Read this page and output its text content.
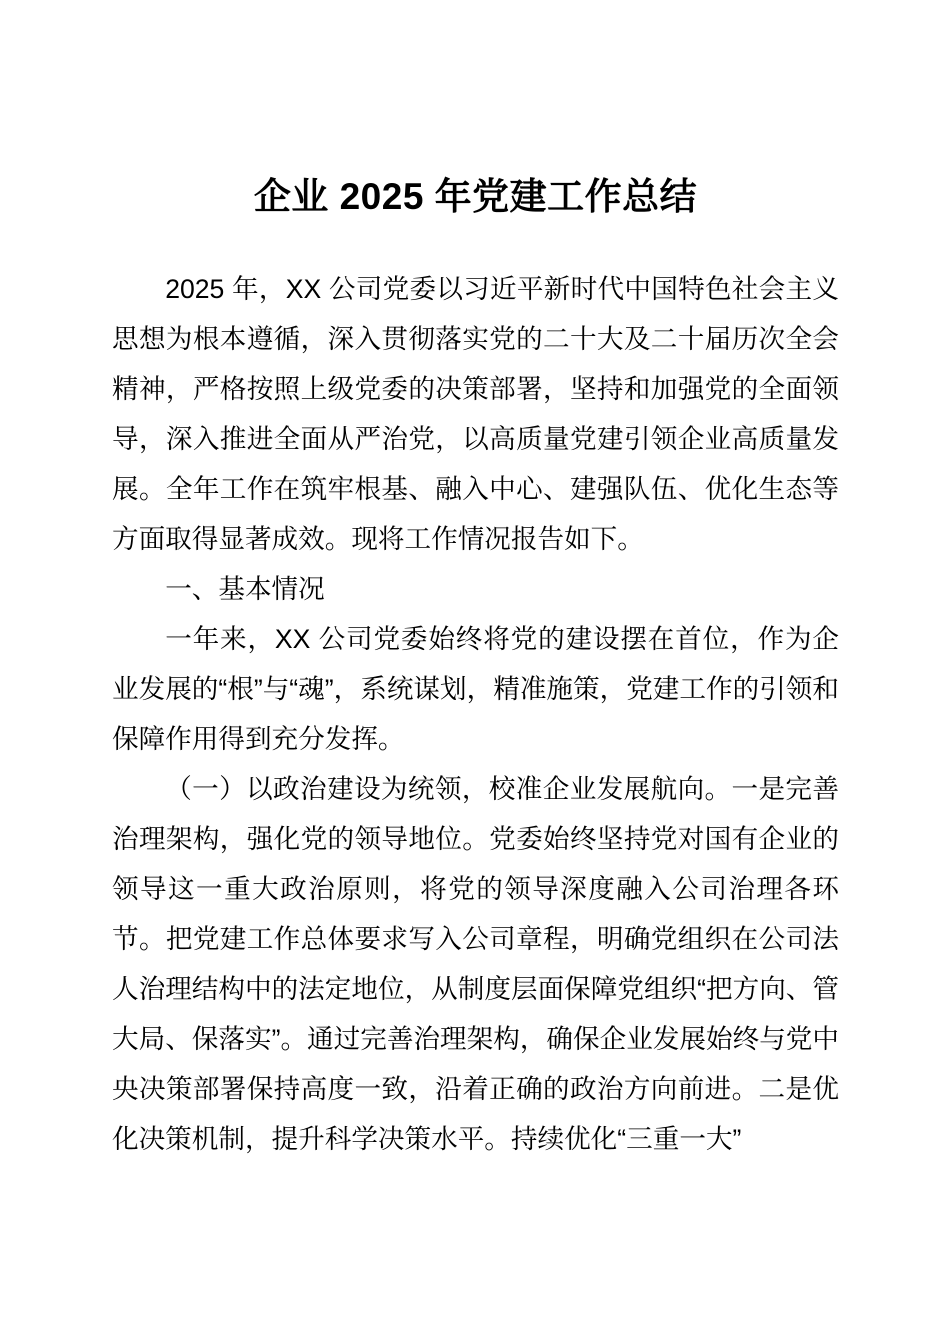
企业 2025 年党建工作总结

2025 年，XX 公司党委以习近平新时代中国特色社会主义思想为根本遵循，深入贯彻落实党的二十大及二十届历次全会精神，严格按照上级党委的决策部署，坚持和加强党的全面领导，深入推进全面从严治党，以高质量党建引领企业高质量发展。全年工作在筑牢根基、融入中心、建强队伍、优化生态等方面取得显著成效。现将工作情况报告如下。

一、基本情况

一年来，XX 公司党委始终将党的建设摆在首位，作为企业发展的“根”与“魂”，系统谋划，精准施策，党建工作的引领和保障作用得到充分发挥。

（一）以政治建设为统领，校准企业发展航向。一是完善治理架构，强化党的领导地位。党委始终坚持党对国有企业的领导这一重大政治原则，将党的领导深度融入公司治理各环节。把党建工作总体要求写入公司章程，明确党组织在公司法人治理结构中的法定地位，从制度层面保障党组织“把方向、管大局、保落实”。通过完善治理架构，确保企业发展始终与党中央决策部署保持高度一致，沿着正确的政治方向前进。二是优化决策机制，提升科学决策水平。持续优化“三重一大”
